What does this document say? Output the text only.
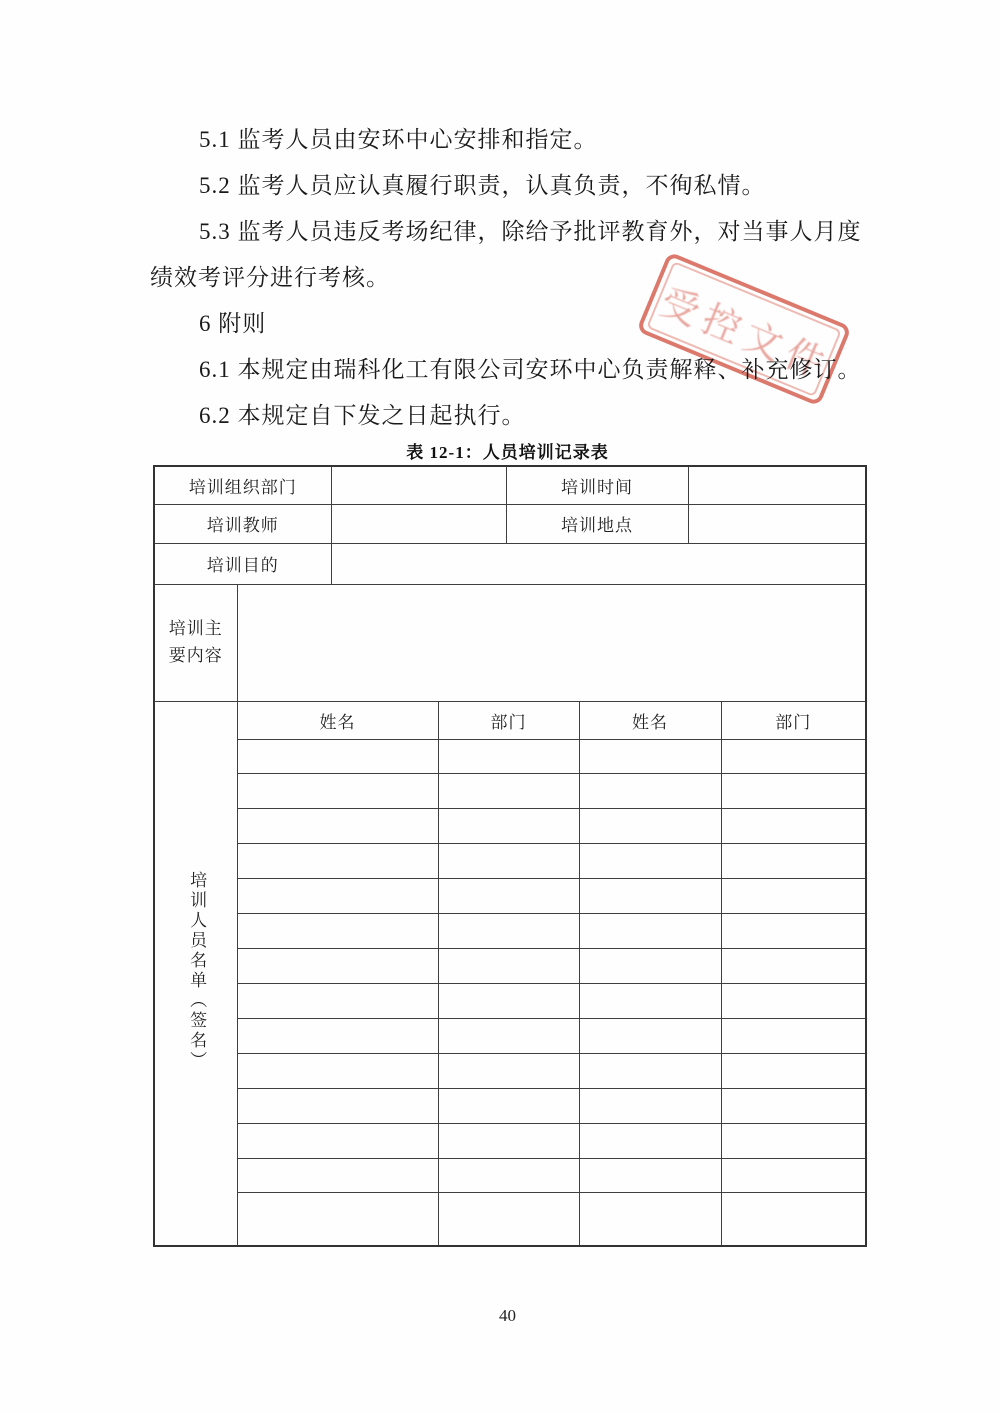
受控文件
5.1 监考人员由安环中心安排和指定。
5.2 监考人员应认真履行职责，认真负责，不徇私情。
5.3 监考人员违反考场纪律，除给予批评教育外，对当事人月度
绩效考评分进行考核。
6 附则
6.1 本规定由瑞科化工有限公司安环中心负责解释、补充修订。
6.2 本规定自下发之日起执行。
表 12-1：人员培训记录表
培训组织部门				培训时间			
培训教师				培训地点			
培训目的							
培训主要内容							
培训人员名单（签名）	姓名		部门		姓名		部门

40
